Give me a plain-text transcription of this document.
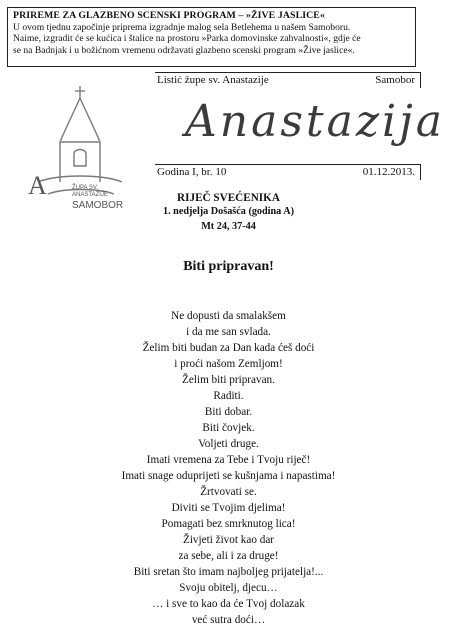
PRIREME ZA GLAZBENO SCENSKI PROGRAM – »ŽIVE JASLICE«
U ovom tjednu započinje priprema izgradnje malog sela Betlehema u našem Samoboru.
Naime, izgradit će se kućica i štalice na prostoru »Parka domovinske zahvalnosti«, gdje će
se na Badnjak i u božićnom vremenu održavati glazbeno scenski program »Žive jaslice«.
Listić župe sv. Anastazije	Samobor
A	ŽUPA SV.
ANASTAZIJE
SAMOBOR
Anastazija
Godina I, br. 10	01.12.2013.
RIJEČ SVEĆENIKA
1. nedjelja Došašća (godina A)
Mt 24, 37-44
Biti pripravan!
Ne dopusti da smalakšem
i da me san svlada.
Želim biti budan za Dan kada ćeš doći
i proći našom Zemljom!
Želim biti pripravan.
Raditi.
Biti dobar.
Biti čovjek.
Voljeti druge.
Imati vremena za Tebe i Tvoju riječ!
Imati snage oduprijeti se kušnjama i napastima!
Žrtvovati se.
Diviti se Tvojim djelima!
Pomagati bez smrknutog lica!
Živjeti život kao dar
za sebe, ali i za druge!
Biti sretan što imam najboljeg prijatelja!...
Svoju obitelj, djecu…
… i sve to kao da će Tvoj dolazak
već sutra doći…
